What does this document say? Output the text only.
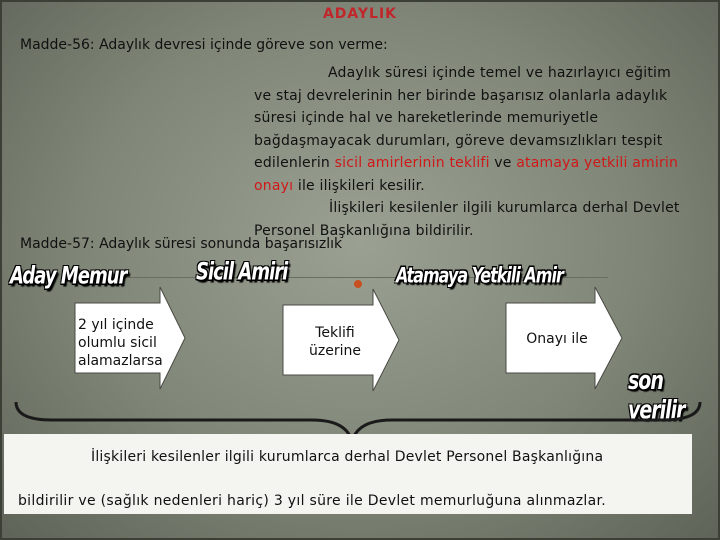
ADAYLIK
Madde-56: Adaylık devresi içinde göreve son verme:
Adaylık süresi içinde temel ve hazırlayıcı eğitim
ve staj devrelerinin her birinde başarısız olanlarla adaylık
süresi içinde hal ve hareketlerinde memuriyetle
bağdaşmayacak durumları, göreve devamsızlıkları tespit
edilenlerin sicil amirlerinin teklifi ve atamaya yetkili amirin
onayı ile ilişkileri kesilir.
İlişkileri kesilenler ilgili kurumlarca derhal Devlet
Personel Başkanlığına bildirilir.
Madde-57: Adaylık süresi sonunda başarısızlık
Aday Memur	Sicil Amiri	Atamaya Yetkili Amir
son verilir
2 yıl içinde
olumlu sicil
alamazlarsa
Teklifi
üzerine
Onayı ile
İlişkileri kesilenler ilgili kurumlarca derhal Devlet Personel Başkanlığına
bildirilir ve (sağlık nedenleri hariç) 3 yıl süre ile Devlet memurluğuna alınmazlar.
